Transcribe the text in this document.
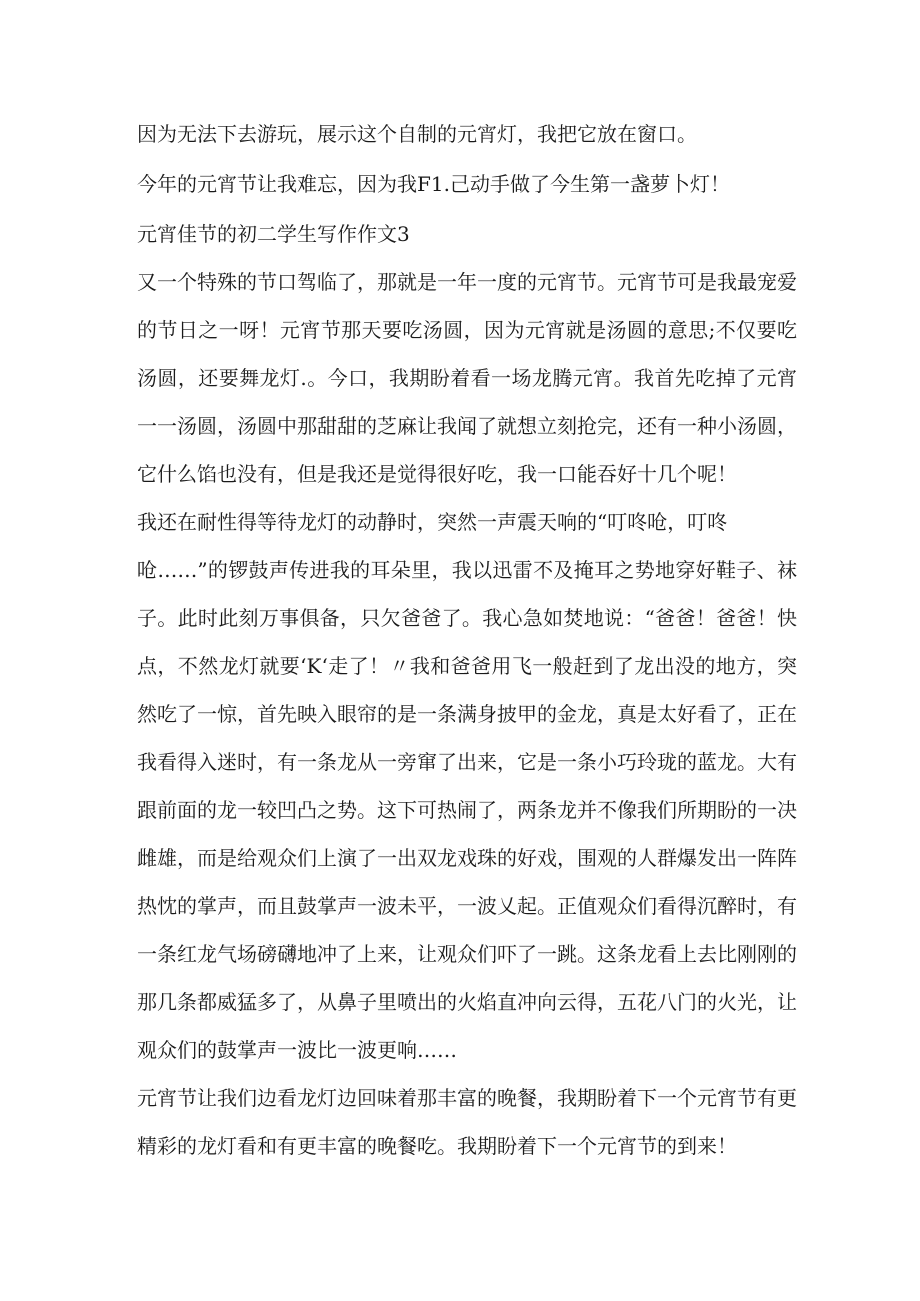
因为无法下去游玩，展示这个自制的元宵灯，我把它放在窗口。
今年的元宵节让我难忘，因为我F1.己动手做了今生第一盏萝卜灯！
元宵佳节的初二学生写作作文3
又一个特殊的节口驾临了，那就是一年一度的元宵节。元宵节可是我最宠爱
的节日之一呀！元宵节那天要吃汤圆，因为元宵就是汤圆的意思;不仅要吃
汤圆，还要舞龙灯.。今口，我期盼着看一场龙腾元宵。我首先吃掉了元宵
一一汤圆，汤圆中那甜甜的芝麻让我闻了就想立刻抢完，还有一种小汤圆，
它什么馅也没有，但是我还是觉得很好吃，我一口能吞好十几个呢！
我还在耐性得等待龙灯的动静时，突然一声震天响的“叮咚呛，叮咚
呛……”的锣鼓声传进我的耳朵里，我以迅雷不及掩耳之势地穿好鞋子、袜
子。此时此刻万事俱备，只欠爸爸了。我心急如焚地说：“爸爸！爸爸！快
点，不然龙灯就要‘K‘走了！〃我和爸爸用飞一般赶到了龙出没的地方，突
然吃了一惊，首先映入眼帘的是一条满身披甲的金龙，真是太好看了，正在
我看得入迷时，有一条龙从一旁窜了出来，它是一条小巧玲珑的蓝龙。大有
跟前面的龙一较凹凸之势。这下可热闹了，两条龙并不像我们所期盼的一决
雌雄，而是给观众们上演了一出双龙戏珠的好戏，围观的人群爆发出一阵阵
热忱的掌声，而且鼓掌声一波未平，一波乂起。正值观众们看得沉醉时，有
一条红龙气场磅礴地冲了上来，让观众们吓了一跳。这条龙看上去比刚刚的
那几条都威猛多了，从鼻子里喷出的火焰直冲向云得，五花八门的火光，让
观众们的鼓掌声一波比一波更响……
元宵节让我们边看龙灯边回味着那丰富的晚餐，我期盼着下一个元宵节有更
精彩的龙灯看和有更丰富的晚餐吃。我期盼着下一个元宵节的到来！
